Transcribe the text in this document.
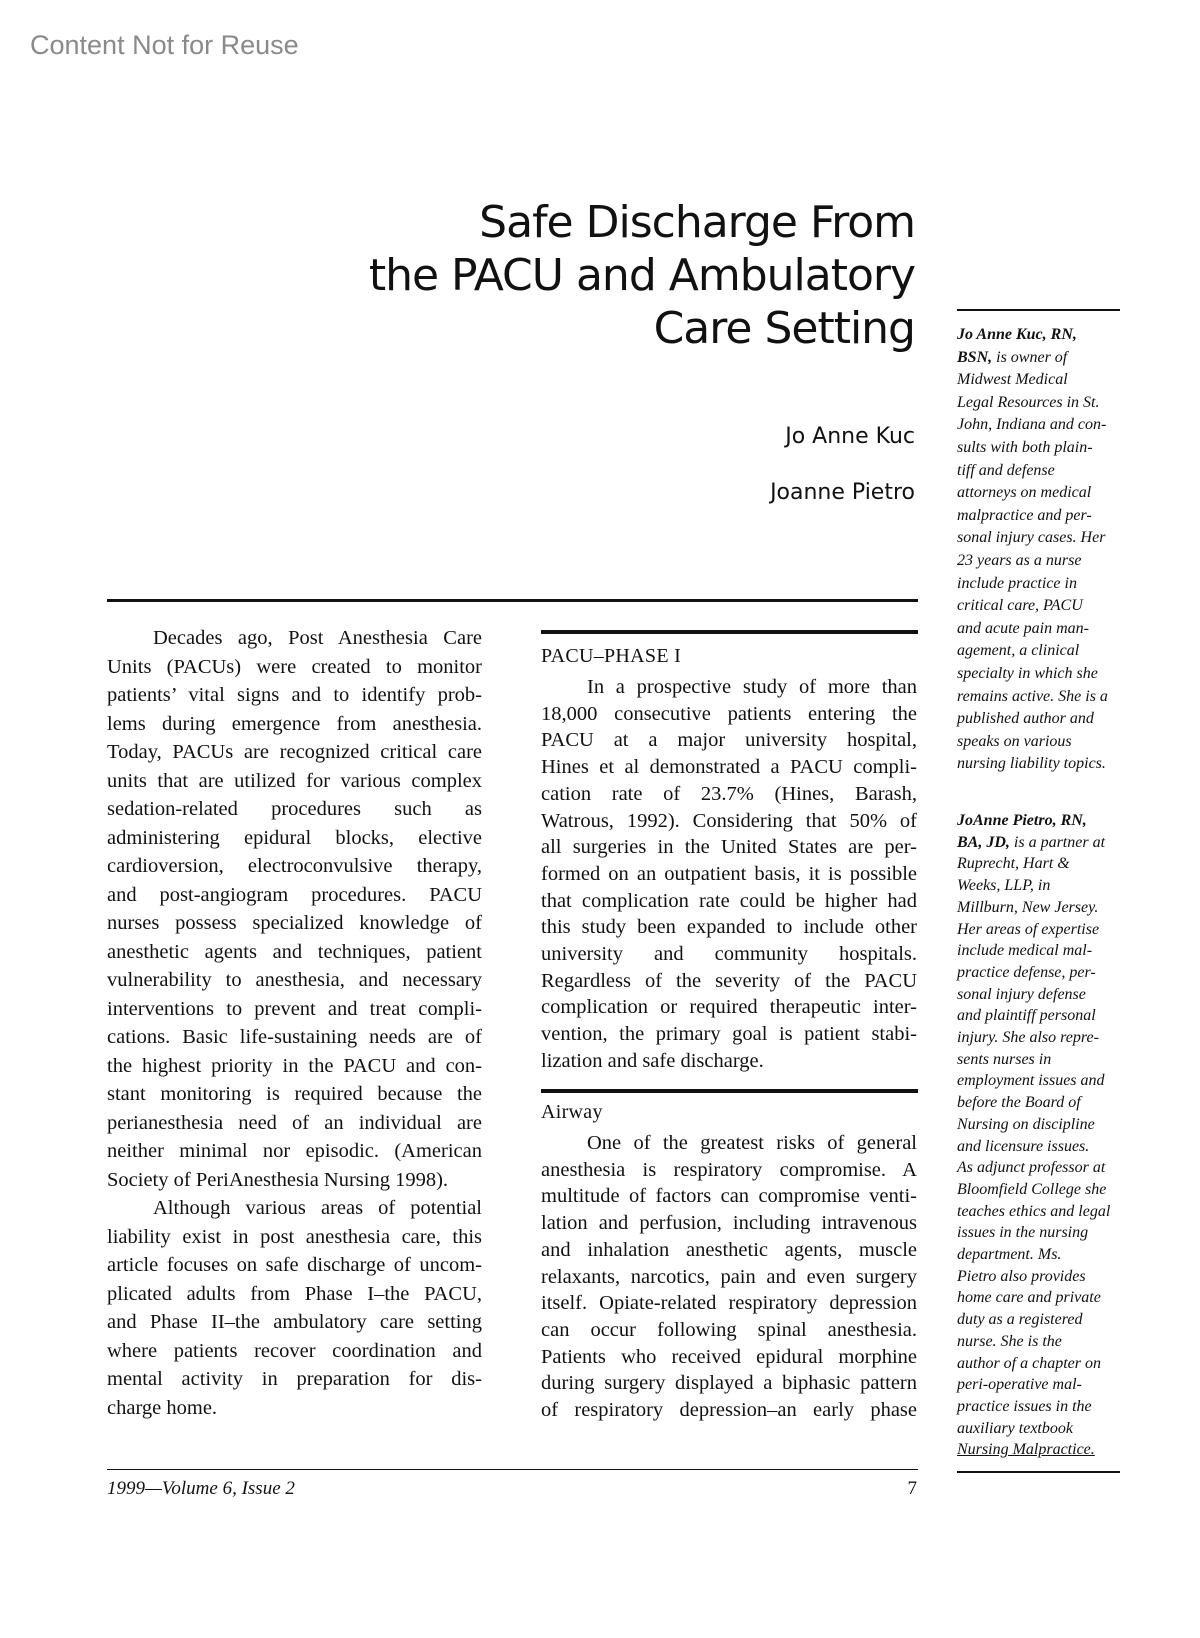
Content Not for Reuse
Safe Discharge From
the PACU and Ambulatory
Care Setting
Jo Anne Kuc
Joanne Pietro
Decades ago, Post Anesthesia Care
Units (PACUs) were created to monitor
patients’ vital signs and to identify prob-
lems during emergence from anesthesia.
Today, PACUs are recognized critical care
units that are utilized for various complex
sedation-related procedures such as
administering epidural blocks, elective
cardioversion, electroconvulsive therapy,
and post-angiogram procedures. PACU
nurses possess specialized knowledge of
anesthetic agents and techniques, patient
vulnerability to anesthesia, and necessary
interventions to prevent and treat compli-
cations. Basic life-sustaining needs are of
the highest priority in the PACU and con-
stant monitoring is required because the
perianesthesia need of an individual are
neither minimal nor episodic. (American
Society of PeriAnesthesia Nursing 1998).
Although various areas of potential
liability exist in post anesthesia care, this
article focuses on safe discharge of uncom-
plicated adults from Phase I–the PACU,
and Phase II–the ambulatory care setting
where patients recover coordination and
mental activity in preparation for dis-
charge home.
PACU–PHASE I
In a prospective study of more than
18,000 consecutive patients entering the
PACU at a major university hospital,
Hines et al demonstrated a PACU compli-
cation rate of 23.7% (Hines, Barash,
Watrous, 1992). Considering that 50% of
all surgeries in the United States are per-
formed on an outpatient basis, it is possible
that complication rate could be higher had
this study been expanded to include other
university and community hospitals.
Regardless of the severity of the PACU
complication or required therapeutic inter-
vention, the primary goal is patient stabi-
lization and safe discharge.
Airway
One of the greatest risks of general
anesthesia is respiratory compromise. A
multitude of factors can compromise venti-
lation and perfusion, including intravenous
and inhalation anesthetic agents, muscle
relaxants, narcotics, pain and even surgery
itself. Opiate-related respiratory depression
can occur following spinal anesthesia.
Patients who received epidural morphine
during surgery displayed a biphasic pattern
of respiratory depression–an early phase
Jo Anne Kuc, RN,
BSN, is owner of
Midwest Medical
Legal Resources in St.
John, Indiana and con-
sults with both plain-
tiff and defense
attorneys on medical
malpractice and per-
sonal injury cases. Her
23 years as a nurse
include practice in
critical care, PACU
and acute pain man-
agement, a clinical
specialty in which she
remains active. She is a
published author and
speaks on various
nursing liability topics.
JoAnne Pietro, RN,
BA, JD, is a partner at
Ruprecht, Hart &
Weeks, LLP, in
Millburn, New Jersey.
Her areas of expertise
include medical mal-
practice defense, per-
sonal injury defense
and plaintiff personal
injury. She also repre-
sents nurses in
employment issues and
before the Board of
Nursing on discipline
and licensure issues.
As adjunct professor at
Bloomfield College she
teaches ethics and legal
issues in the nursing
department. Ms.
Pietro also provides
home care and private
duty as a registered
nurse. She is the
author of a chapter on
peri-operative mal-
practice issues in the
auxiliary textbook
Nursing Malpractice.
1999—Volume 6, Issue 2	7
